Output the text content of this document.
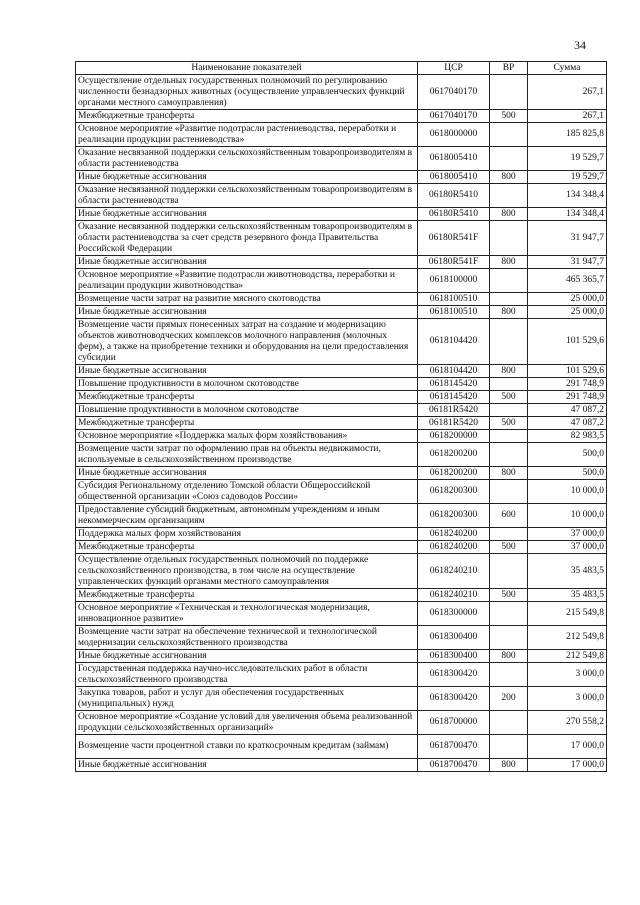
34
Наименование показателей	ЦСР	ВР	Сумма
Осуществление отдельных государственных полномочий по регулированию численности безнадзорных животных (осуществление управленческих функций органами местного самоуправления)	0617040170		267,1
Межбюджетные трансферты	0617040170	500	267,1
Основное мероприятие «Развитие подотрасли растениеводства, переработки и реализации продукции растениеводства»	0618000000		185 825,8
Оказание несвязанной поддержки сельскохозяйственным товаропроизводителям в области растениеводства	0618005410		19 529,7
Иные бюджетные ассигнования	0618005410	800	19 529,7
Оказание несвязанной поддержки сельскохозяйственным товаропроизводителям в области растениеводства	06180R5410		134 348,4
Иные бюджетные ассигнования	06180R5410	800	134 348,4
Оказание несвязанной поддержки сельскохозяйственным товаропроизводителям в области растениеводства за счет средств резервного фонда Правительства Российской Федерации	06180R541F		31 947,7
Иные бюджетные ассигнования	06180R541F	800	31 947,7
Основное мероприятие «Развитие подотрасли животноводства, переработки и реализации продукции животноводства»	0618100000		465 365,7
Возмещение части затрат на развитие мясного скотоводства	0618100510		25 000,0
Иные бюджетные ассигнования	0618100510	800	25 000,0
Возмещение части прямых понесенных затрат на создание и модернизацию объектов животноводческих комплексов молочного направления (молочных ферм), а также на приобретение техники и оборудования на цели предоставления субсидии	0618104420		101 529,6
Иные бюджетные ассигнования	0618104420	800	101 529,6
Повышение продуктивности в молочном скотоводстве	0618145420		291 748,9
Межбюджетные трансферты	0618145420	500	291 748,9
Повышение продуктивности в молочном скотоводстве	06181R5420		47 087,2
Межбюджетные трансферты	06181R5420	500	47 087,2
Основное мероприятие «Поддержка малых форм хозяйствования»	0618200000		82 983,5
Возмещение части затрат по оформлению прав на объекты недвижимости, используемые в сельскохозяйственном производстве	0618200200		500,0
Иные бюджетные ассигнования	0618200200	800	500,0
Субсидия Региональному отделению Томской области Общероссийской общественной организации «Союз садоводов России»	0618200300		10 000,0
Предоставление субсидий бюджетным, автономным учреждениям и иным некоммерческим организациям	0618200300	600	10 000,0
Поддержка малых форм хозяйствования	0618240200		37 000,0
Межбюджетные трансферты	0618240200	500	37 000,0
Осуществление отдельных государственных полномочий по поддержке сельскохозяйственного производства, в том числе на осуществление управленческих функций органами местного самоуправления	0618240210		35 483,5
Межбюджетные трансферты	0618240210	500	35 483,5
Основное мероприятие «Техническая и технологическая модернизация, инновационное развитие»	0618300000		215 549,8
Возмещение части затрат на обеспечение технической и технологической модернизации сельскохозяйственного производства	0618300400		212 549,8
Иные бюджетные ассигнования	0618300400	800	212 549,8
Государственная поддержка научно-исследовательских работ в области сельскохозяйственного производства	0618300420		3 000,0
Закупка товаров, работ и услуг для обеспечения государственных (муниципальных) нужд	0618300420	200	3 000,0
Основное мероприятие «Создание условий для увеличения объема реализованной продукции сельскохозяйственных организаций»	0618700000		270 558,2
Возмещение части процентной ставки по краткосрочным кредитам (займам)	0618700470		17 000,0
Иные бюджетные ассигнования	0618700470	800	17 000,0
